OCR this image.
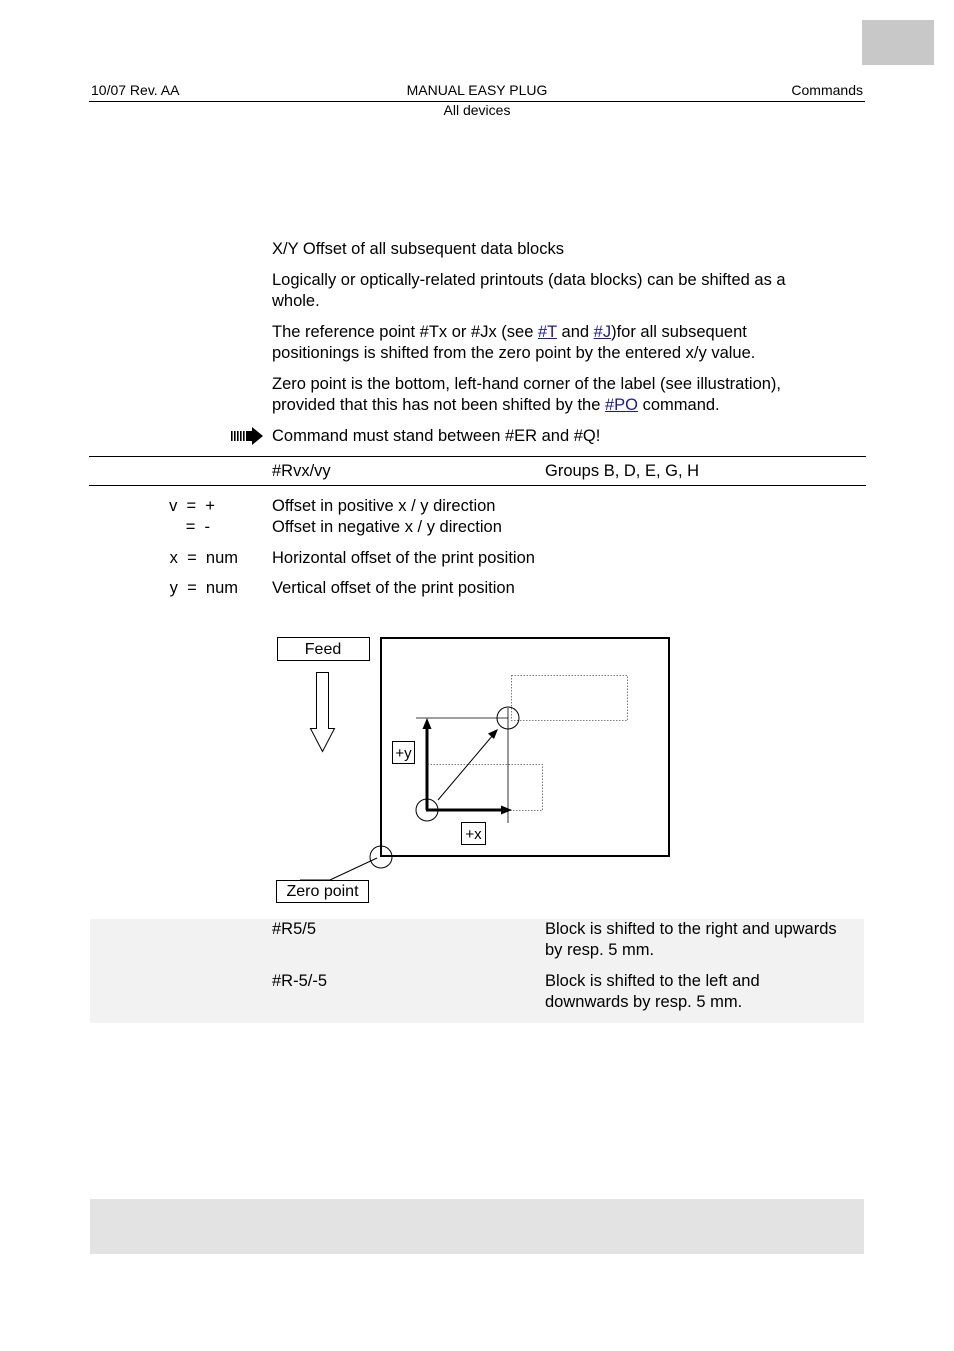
10/07 Rev. AA	MANUAL EASY PLUG	Commands
All devices
X/Y Offset of all subsequent data blocks
Logically or optically-related printouts (data blocks) can be shifted as a whole.
The reference point #Tx or #Jx (see #T and #J)for all subsequent positionings is shifted from the zero point by the entered x/y value.
Zero point is the bottom, left-hand corner of the label (see illustration), provided that this has not been shifted by the #PO command.
Command must stand between #ER and #Q!
#Rvx/vy	Groups B, D, E, G, H
v  =  +	Offset in positive x / y direction
=  -	Offset in negative x / y direction
x  =  num Horizontal offset of the print position
y  =  num Vertical offset of the print position
Feed
+y
+x
Zero point
#R5/5	Block is shifted to the right and upwards
by resp. 5 mm.
#R-5/-5	Block is shifted to the left and
downwards by resp. 5 mm.
